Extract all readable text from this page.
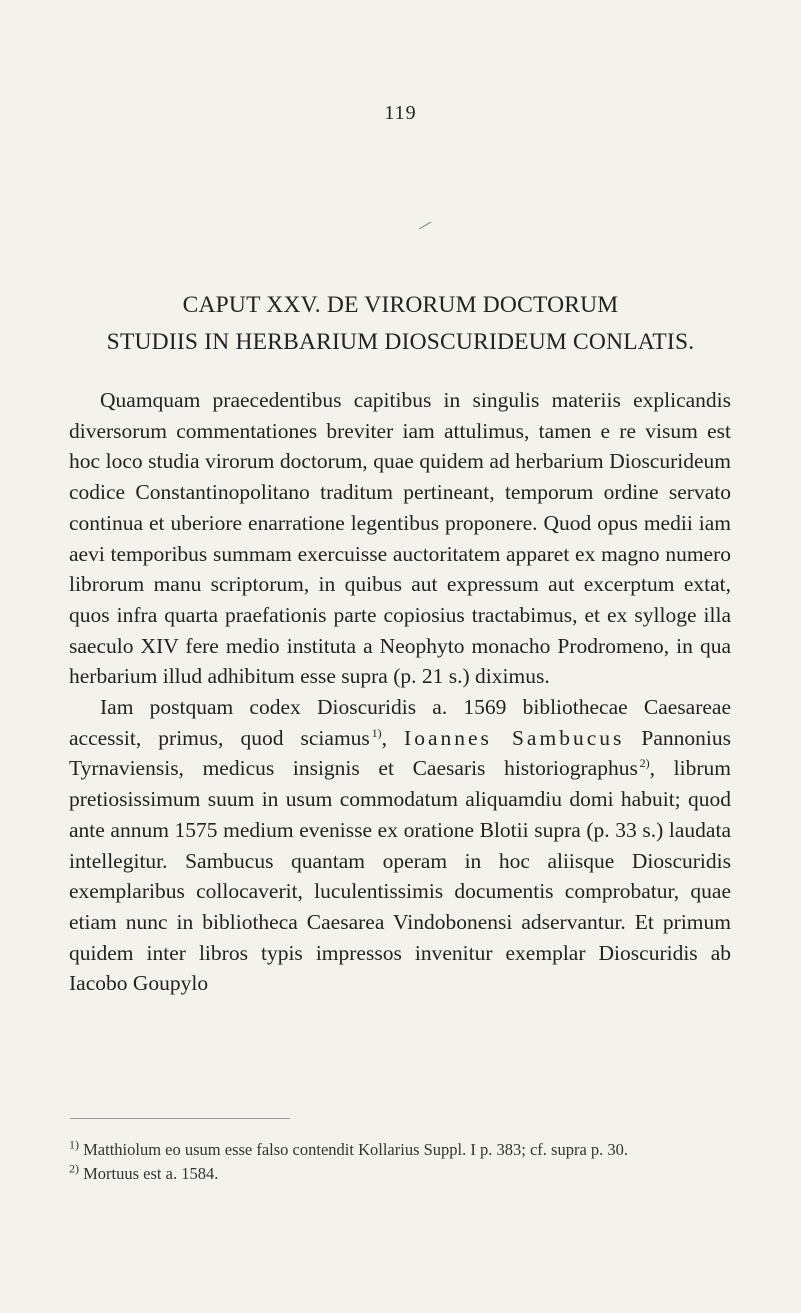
119
CAPUT XXV. DE VIRORUM DOCTORUM
STUDIIS IN HERBARIUM DIOSCURIDEUM CONLATIS.

Quamquam praecedentibus capitibus in singulis materiis explicandis diversorum commentationes breviter iam attulimus, tamen e re visum est hoc loco studia virorum doctorum, quae quidem ad herbarium Dioscurideum codice Constantinopolitano traditum pertineant, temporum ordine servato continua et uberiore enarratione legentibus proponere. Quod opus medii iam aevi temporibus summam exercuisse auctoritatem apparet ex magno numero librorum manu scriptorum, in quibus aut expressum aut excerptum extat, quos infra quarta praefationis parte copiosius tractabimus, et ex sylloge illa saeculo XIV fere medio instituta a Neophyto monacho Prodromeno, in qua herbarium illud adhibitum esse supra (p. 21 s.) diximus.

Iam postquam codex Dioscuridis a. 1569 bibliothecae Caesareae accessit, primus, quod sciamus  $^{1)}$, Ioannes Sambucus Pannonius Tyrnaviensis, medicus insignis et Caesaris historiographus  $^{2)}$, librum pretiosissimum suum in usum commodatum aliquamdiu domi habuit; quod ante annum 1575 medium evenisse ex oratione Blotii supra (p. 33 s.) laudata intellegitur. Sambucus quantam operam in hoc aliisque Dioscuridis exemplaribus collocaverit, luculentissimis documentis comprobatur, quae etiam nunc in bibliotheca Caesarea Vindobonensi adservantur. Et primum quidem inter libros typis impressos invenitur exemplar Dioscuridis ab Iacobo Goupylo

$^{1)}$ Matthiolum eo usum esse falso contendit Kollarius Suppl. I p. 383; cf. supra p. 30.

$^{2)}$ Mortuus est a. 1584.
